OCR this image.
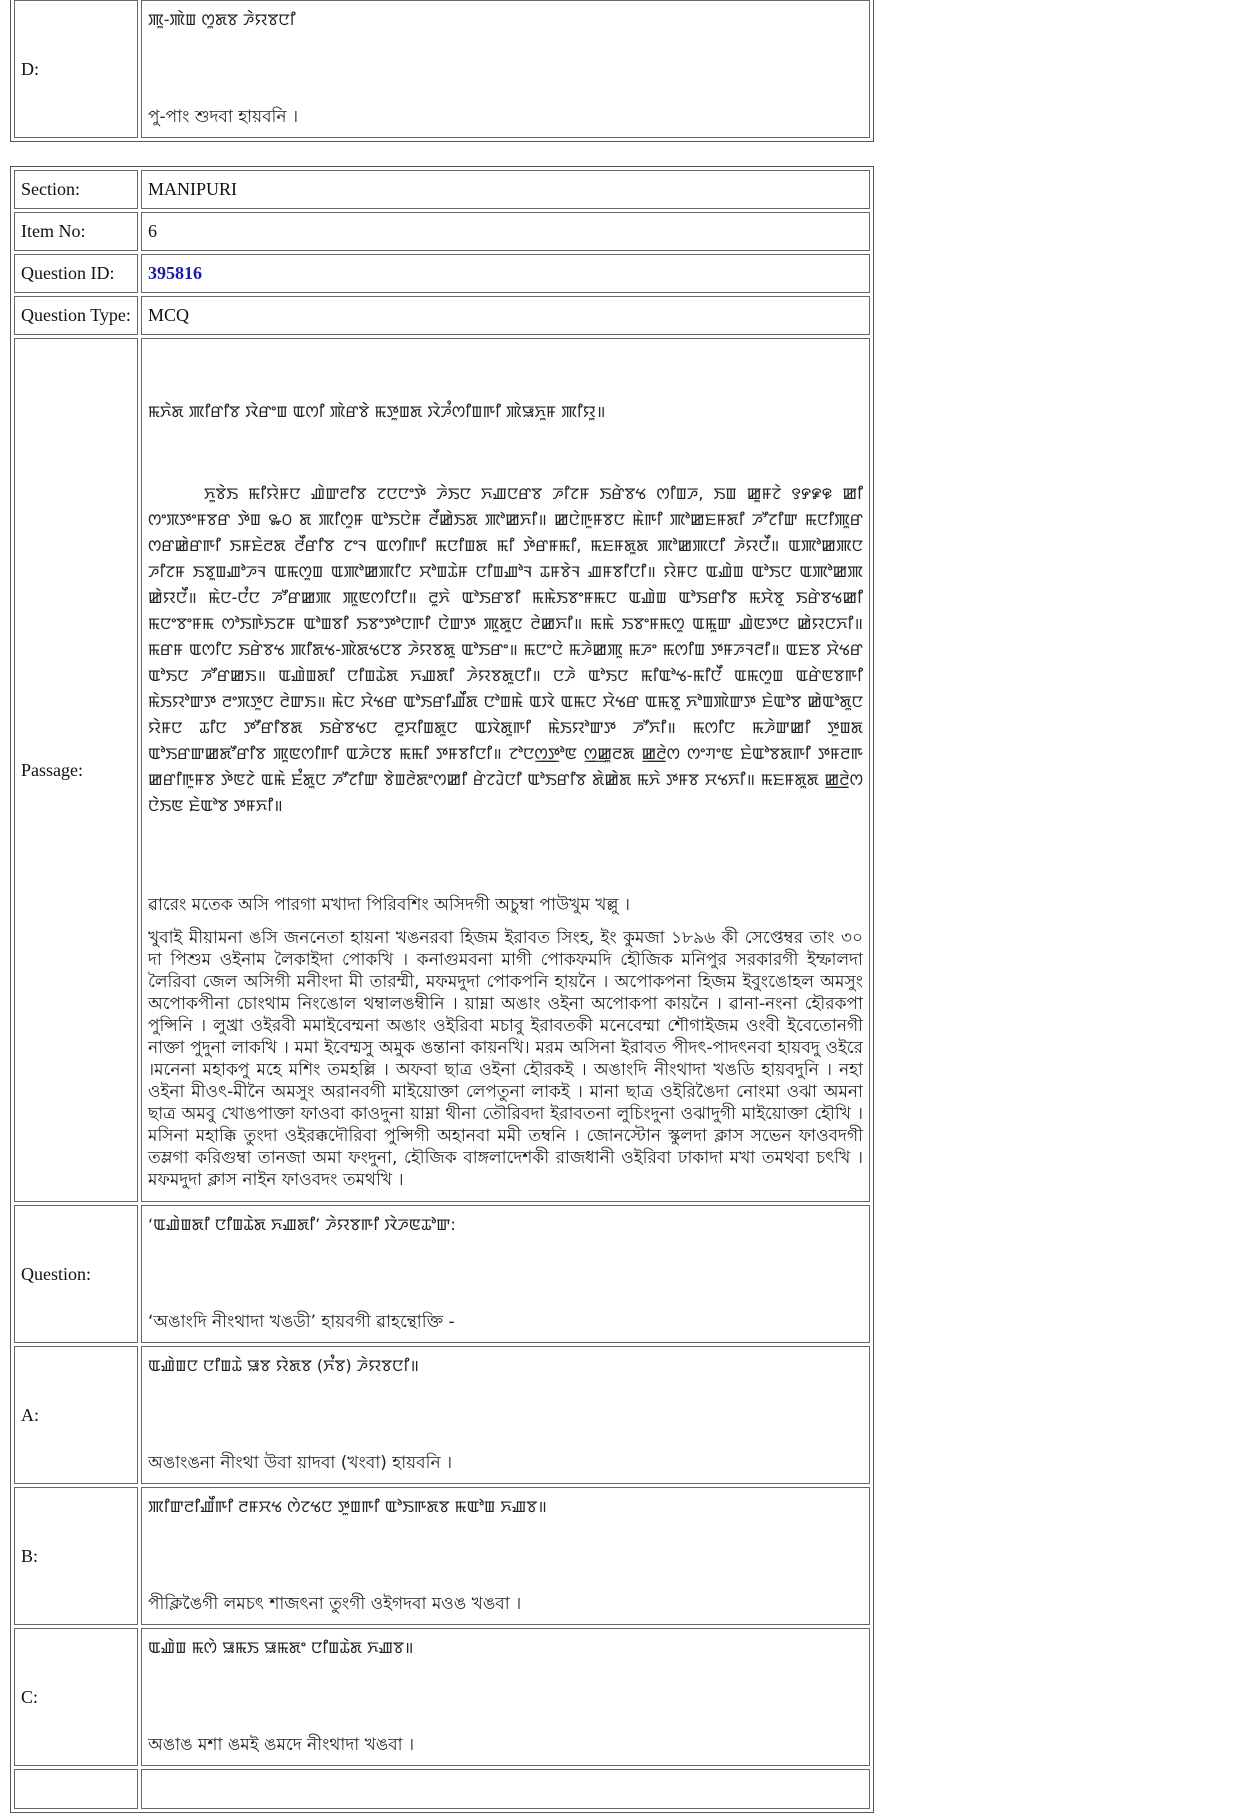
D:	
ꯄꯨ-ꯄꯥꯡ ꯁꯨꯗꯕ ꯍꯥꯌꯕꯅꯤ
পু-পাং শুদবা হায়বনি ।
Section:	MANIPURI
Item No:	6
Question ID:	395816
Question Type:	MCQ
Passage:	ꯃꯈꯥꯗ ꯄꯤꯔꯤꯕ ꯋꯥꯔꯦꯡ ꯑꯁꯤ ꯄꯥꯔꯕꯥ ꯃꯇꯨꯡꯗ ꯋꯥꯍꯪꯁꯤꯡꯒꯤ ꯄꯥꯎꯈꯨꯝ ꯄꯤꯌꯨ॥

ꯈꯨꯕꯥꯏ ꯃꯤꯌꯥꯝꯅ ꯉꯥꯛꯂꯤꯕ ꯖꯅꯅꯦꯇꯥ ꯍꯥꯏꯅ ꯈꯉꯅꯔꯕ ꯍꯤꯖꯝ ꯏꯔꯥꯕꯠ ꯁꯤꯡꯍ, ꯏꯡ ꯀꯨꯝꯖꯥ ꯱꯸꯹꯶ ꯀꯤ ꯁꯦꯞꯇꯦꯝꯕꯔ ꯇꯥꯡ ꯳꯰ ꯗ ꯄꯤꯁꯨꯝ ꯑꯣꯏꯅꯥꯝ ꯂꯩꯀꯥꯏꯗ ꯄꯣꯀꯈꯤ॥ ꯀꯅꯥꯒꯨꯝꯕꯅ ꯃꯥꯒꯤ ꯄꯣꯀꯐꯝꯗꯤ ꯍꯧꯖꯤꯛ ꯃꯅꯤꯄꯨꯔ ꯁꯔꯀꯥꯔꯒꯤ ꯏꯝꯐꯥꯂꯗ ꯂꯩꯔꯤꯕ ꯖꯦꯜ ꯑꯁꯤꯒꯤ ꯃꯅꯤꯡꯗ ꯃꯤ ꯇꯥꯔꯝꯃꯤ, ꯃꯐꯝꯗꯨꯗ ꯄꯣꯀꯄꯅꯤ ꯍꯥꯌꯅꯩ॥ ꯑꯄꯣꯀꯄꯅ ꯍꯤꯖꯝ ꯏꯕꯨꯡꯉꯣꯍꯜ ꯑꯃꯁꯨꯡ ꯑꯄꯣꯀꯄꯤꯅ ꯆꯣꯡꯊꯥꯝ ꯅꯤꯡꯉꯣꯜ ꯊꯝꯕꯥꯜ ꯉꯝꯕꯤꯅꯤ॥ ꯌꯥꯝꯅ ꯑꯉꯥꯡ ꯑꯣꯏꯅ ꯑꯄꯣꯀꯄ ꯀꯥꯌꯅꯩ॥ ꯃꯥꯅ-ꯅꯪꯅ ꯍꯧꯔꯀꯄ ꯄꯨꯟꯁꯤꯅꯤ॥ ꯂꯨꯈꯥ ꯑꯣꯏꯔꯕꯤ ꯃꯃꯥꯏꯕꯦꯝꯃꯅ ꯑꯉꯥꯡ ꯑꯣꯏꯔꯤꯕ ꯃꯆꯥꯕꯨ ꯏꯔꯥꯕꯠꯀꯤ ꯃꯅꯦꯕꯦꯝꯃ ꯁꯣꯏꯒꯥꯏꯖꯝ ꯑꯣꯡꯕꯤ ꯏꯕꯦꯇꯣꯅꯒꯤ ꯅꯥꯛꯇ ꯄꯨꯗꯨꯅ ꯂꯥꯀꯈꯤ॥ ꯃꯃꯥ ꯏꯕꯦꯝꯃꯁꯨ ꯑꯃꯨꯛ ꯉꯥꯟꯇꯅ ꯀꯥꯌꯅꯈꯤ॥ ꯃꯔꯝ ꯑꯁꯤꯅ ꯏꯔꯥꯕꯠ ꯄꯤꯗꯠ-ꯄꯥꯗꯠꯅꯕ ꯍꯥꯌꯕꯗꯨ ꯑꯣꯏꯔꯦ॥ ꯃꯅꯦꯅꯥ ꯃꯍꯥꯀꯄꯨ ꯃꯍꯦ ꯃꯁꯤꯡ ꯇꯝꯍꯜꯂꯤ॥ ꯑꯐꯕ ꯆꯥꯠꯔ ꯑꯣꯏꯅ ꯍꯧꯔꯀꯏ॥ ꯑꯉꯥꯡꯗꯤ ꯅꯤꯡꯊꯥꯗ ꯈꯉꯗꯤ ꯍꯥꯌꯕꯗꯨꯅꯤ॥ ꯅꯍꯥ ꯑꯣꯏꯅ ꯃꯤꯑꯣꯠ-ꯃꯤꯅꯩ ꯑꯃꯁꯨꯡ ꯑꯔꯥꯟꯕꯒꯤ ꯃꯥꯏꯌꯣꯛꯇ ꯂꯦꯞꯇꯨꯅ ꯂꯥꯛꯏ॥ ꯃꯥꯅ ꯆꯥꯠꯔ ꯑꯣꯏꯔꯤꯉꯩꯗ ꯅꯣꯡꯃꯥ ꯑꯋꯥ ꯑꯃꯅ ꯆꯥꯠꯔ ꯑꯃꯕꯨ ꯈꯣꯡꯄꯥꯛꯇ ꯐꯥꯑꯣꯕ ꯀꯥꯑꯣꯗꯨꯅ ꯌꯥꯝꯅ ꯊꯤꯅ ꯇꯧꯔꯤꯕꯗ ꯏꯔꯥꯕꯠꯅ ꯂꯨꯆꯤꯡꯗꯨꯅ ꯑꯋꯥꯗꯨꯒꯤ ꯃꯥꯏꯌꯣꯛꯇ ꯍꯧꯈꯤ॥ ꯃꯁꯤꯅ ꯃꯍꯥꯛꯀꯤ ꯇꯨꯡꯗ ꯑꯣꯏꯔꯛꯀꯗꯧꯔꯤꯕ ꯄꯨꯟꯁꯤꯒꯤ ꯑꯍꯥꯅꯕ ꯃꯃꯤ ꯇꯝꯕꯤꯅꯤ॥ ꯖꯣꯅꯁ꯭ꯇꯣꯟ ꯁ꯭ꯀꯨꯂꯗ ꯀ꯭ꯂꯥꯁ ꯁꯦꯚꯦꯟ ꯐꯥꯑꯣꯕꯗꯒꯤ ꯇꯝꯂꯒ ꯀꯔꯤꯒꯨꯝꯕ ꯇꯥꯟꯖꯥ ꯑꯃꯥ ꯐꯪꯗꯨꯅ ꯍꯧꯖꯤꯛ ꯕꯥꯡꯂꯥꯗꯦꯁꯀꯤ ꯔꯥꯖꯙꯥꯅꯤ ꯑꯣꯏꯔꯤꯕ ꯗꯥꯀꯥꯗ ꯃꯈꯥ ꯇꯝꯕ ꯆꯠꯈꯤ॥ ꯃꯐꯝꯗꯨꯗ ꯀ꯭ꯂꯥꯁ ꯅꯥꯏꯟ ꯐꯥꯑꯣꯕ ꯇꯝꯈꯤ॥

ৱারেং মতেক অসি পারগা মখাদা পিরিবশিং অসিদগী অচুম্বা পাউখুম খল্লু ।

খুবাই মীয়ামনা ঙসি জননেতা হায়না খঙনরবা হিজম ইরাবত সিংহ, ইং কুমজা ১৮৯৬ কী সেপ্তেম্বর তাং ৩০ দা পিশুম ওইনাম লৈকাইদা পোকখি । কনাগুমবনা মাগী পোকফমদি হৌজিক মনিপুর সরকারগী ইম্ফালদা লৈরিবা জেল অসিগী মনীংদা মী তারম্মী, মফমদুদা পোকপনি হায়নৈ । অপোকপনা হিজম ইবুংঙোহল অমসুং অপোকপীনা চোংথাম নিংঙোল থম্বালঙম্বীনি । য়াম্না অঙাং ওইনা অপোকপা কায়নৈ । ৱানা-নংনা হৌরকপা পুন্সিনি । লুখ্রা ওইরবী মমাইবেম্মনা অঙাং ওইরিবা মচাবু ইরাবতকী মনেবেম্মা শৌগাইজম ওংবী ইবেতোনগী নাক্তা পুদুনা লাকখি । মমা ইবেম্মসু অমুক ঙন্তানা কায়নখি। মরম অসিনা ইরাবত পীদৎ-পাদৎনবা হায়বদু ওইরে ।মনেনা মহাকপু মহে মশিং তমহল্লি । অফবা ছাত্র ওইনা হৌরকই । অঙাংদি নীংথাদা খঙডি হায়বদুনি । নহা ওইনা মীওৎ-মীনৈ অমসুং অরানবগী মাইয়োক্তা লেপতুনা লাকই । মানা ছাত্র ওইরিঙৈদা নোংমা ওঝা অমনা ছাত্র অমবু খোঙপাক্তা ফাওবা কাওদুনা য়াম্না থীনা তৌরিবদা ইরাবতনা লুচিংদুনা ওঝাদুগী মাইয়োক্তা হৌখি । মসিনা মহাক্কি তুংদা ওইরক্কদৌরিবা পুন্সিগী অহানবা মমী তম্বনি । জোনস্টোন স্কুলদা ক্লাস সভেন ফাওবদগী তম্লগা করিগুম্বা তানজা অমা ফংদুনা, হৌজিক বাঙ্গলাদেশকী রাজধানী ওইরিবা ঢাকাদা মখা তমথবা চৎখি । মফমদুদা ক্লাস নাইন ফাওবদং তমথখি ।

Question:	‘ꯑꯉꯥꯡꯗꯤ ꯅꯤꯡꯊꯥꯗ ꯈꯉꯗꯤ’ ꯍꯥꯌꯕꯒꯤ ꯋꯥꯍꯟꯊꯣꯛ:
‘অঙাংদি নীংথাদা খঙডী’ হায়বগী ৱাহন্থোক্তি -

A:	ꯑꯉꯥꯡꯅ ꯅꯤꯡꯊꯥ ꯎꯕ ꯌꯥꯗꯕ (ꯈꯪꯕ) ꯍꯥꯌꯕꯅꯤ॥
অঙাংঙনা নীংথা উবা য়াদবা (খংবা) হায়বনি ।

B:	ꯄꯤꯛꯂꯤꯉꯩꯒꯤ ꯂꯝꯆꯠ ꯁꯥꯖꯠꯅ ꯇꯨꯡꯒꯤ ꯑꯣꯏꯒꯗꯕ ꯃꯑꯣꯡ ꯈꯉꯕ॥
পীক্লিঙৈগী লমচৎ শাজৎনা তুংগী ওইগদবা মওঙ খঙবা ।

C:	ꯑꯉꯥꯡ ꯃꯁꯥ ꯎꯃꯏ ꯎꯃꯗꯦ ꯅꯤꯡꯊꯥꯗ ꯈꯉꯕ॥
অঙাঙ মশা ঙমই ঙমদে নীংথাদা খঙবা ।
